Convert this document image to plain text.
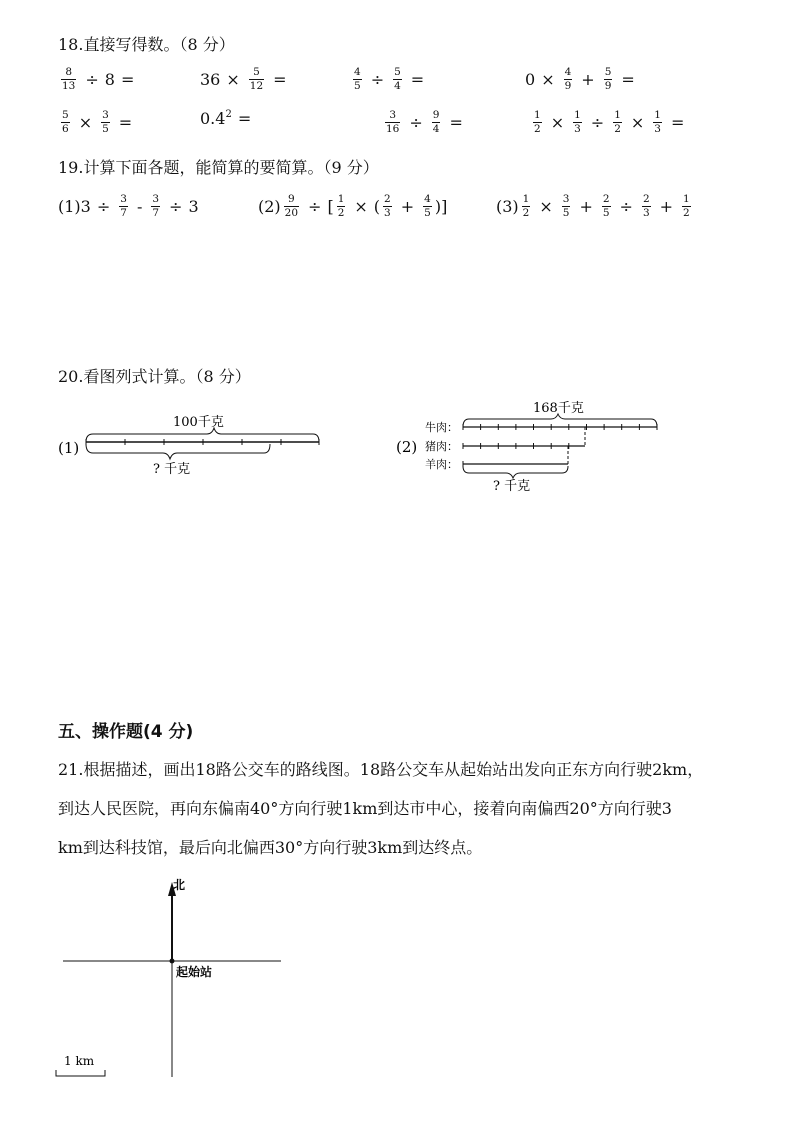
18.直接写得数。（8 分）
$\frac{8}{13} \div 8$ =	$36 \times \frac{5}{12}$ =	$\frac{4}{5} \div \frac{5}{4}$ =	$0 \times \frac{4}{9} + \frac{5}{9}$ =
$\frac{5}{6} \times \frac{3}{5}$ =	$0.4^2$ =	$\frac{3}{16} \div \frac{9}{4}$ =	$\frac{1}{2} \times \frac{1}{3} \div \frac{1}{2} \times \frac{1}{3}$ =
19.计算下面各题，能简算的要简算。（9 分）
(1) $3 \div \frac{3}{7} - \frac{3}{7} \div 3$	$(2) \frac{9}{20}$ ÷ [ $\frac{1}{2}$ × ( $\frac{2}{3} + \frac{4}{5}$ ) ]	$(3) \frac{1}{2} \times \frac{3}{5} + \frac{2}{5} \div \frac{2}{3} + \frac{1}{2}$
20.看图列式计算。（8 分）
(1)
100千克
? 千克
(2)
168千克
牛肉：
猪肉：
羊肉：
? 千克
五、操作题(4 分)
21.根据描述，画出18路公交车的路线图。18路公交车从起始站出发向正东方向行驶2km，
到达人民医院，再向东偏南40°方向行驶1km到达市中心，接着向南偏西20°方向行驶3
km到达科技馆，最后向北偏西30°方向行驶3km到达终点。
北
起始站
1 km
